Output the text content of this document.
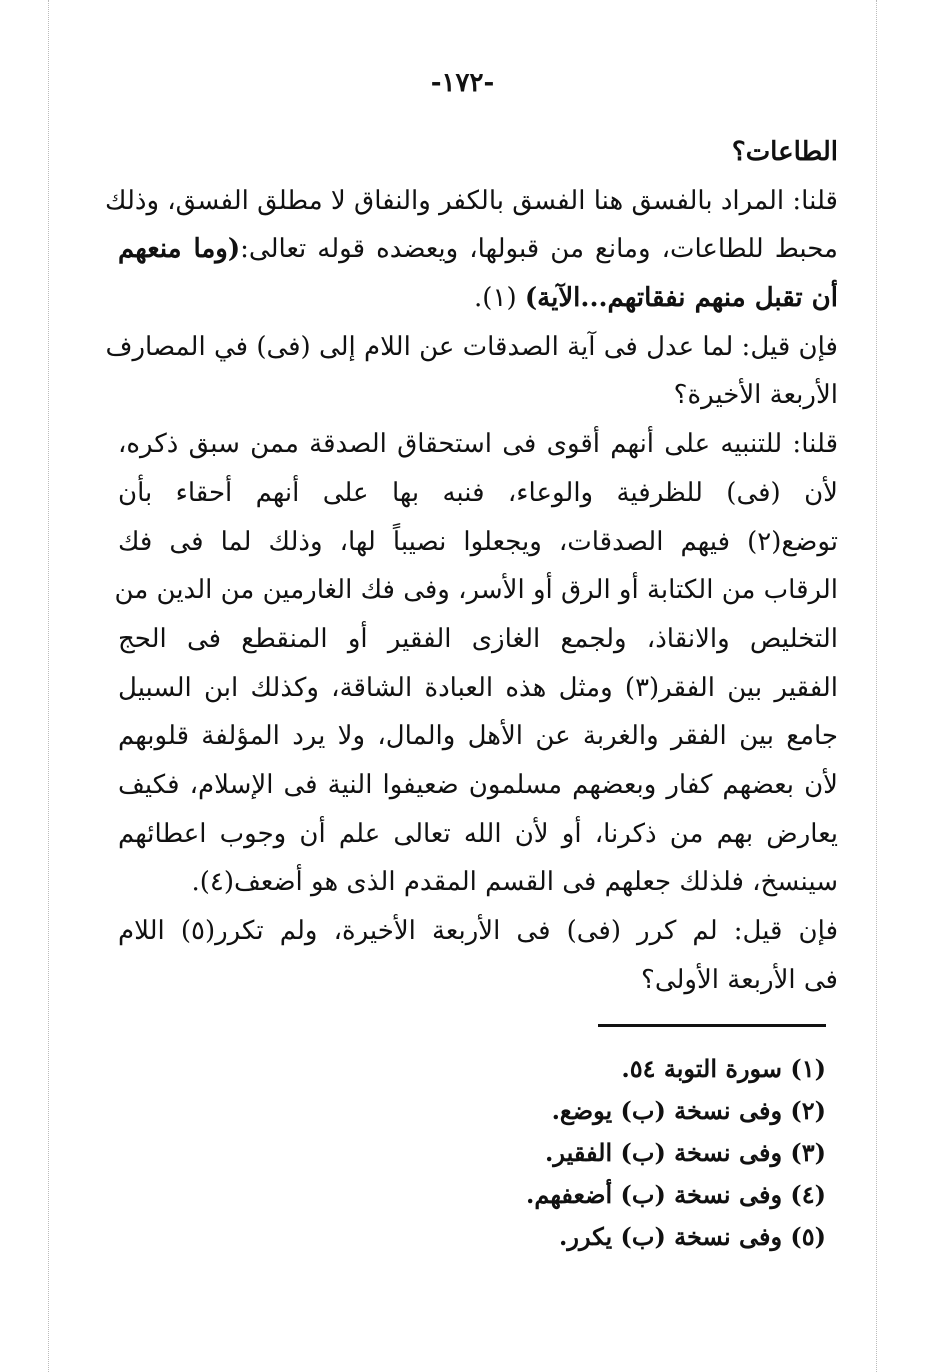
-١٧٢-
الطاعات؟
قلنا: المراد بالفسق هنا الفسق بالكفر والنفاق لا مطلق الفسق، وذلك
محبط للطاعات، ومانع من قبولها، ويعضده قوله تعالى:(وما منعهم
أن تقبل منهم نفقاتهم...الآية) (١).
فإن قيل: لما عدل فى آية الصدقات عن اللام إلى (فى) في المصارف
الأربعة الأخيرة؟
قلنا: للتنبيه على أنهم أقوى فى استحقاق الصدقة ممن سبق ذكره،
لأن (فى) للظرفية والوعاء، فنبه بها على أنهم أحقاء بأن
توضع(٢) فيهم الصدقات، ويجعلوا نصيباً لها، وذلك لما فى فك
الرقاب من الكتابة أو الرق أو الأسر، وفى فك الغارمين من الدين من
التخليص والانقاذ، ولجمع الغازى الفقير أو المنقطع فى الحج
الفقير بين الفقر(٣) ومثل هذه العبادة الشاقة، وكذلك ابن السبيل
جامع بين الفقر والغربة عن الأهل والمال، ولا يرد المؤلفة قلوبهم
لأن بعضهم كفار وبعضهم مسلمون ضعيفوا النية فى الإسلام، فكيف
يعارض بهم من ذكرنا، أو لأن الله تعالى علم أن وجوب اعطائهم
سينسخ، فلذلك جعلهم فى القسم المقدم الذى هو أضعف(٤).
فإن قيل: لم كرر (فى) فى الأربعة الأخيرة، ولم تكرر(٥) اللام
فى الأربعة الأولى؟
(١) سورة التوبة ٥٤.
(٢) وفى نسخة (ب) يوضع.
(٣) وفى نسخة (ب) الفقير.
(٤) وفى نسخة (ب) أضعفهم.
(٥) وفى نسخة (ب) يكرر.
